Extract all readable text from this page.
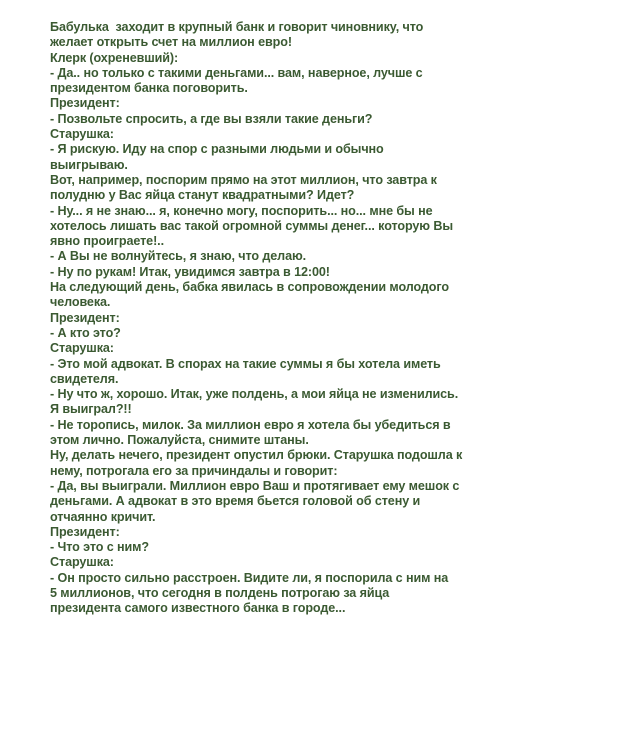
Бабулька  заходит в крупный банк и говорит чиновнику, что
желает открыть счет на миллион евро!
Клерк (охреневший):
- Да.. но только с такими деньгами... вам, наверное, лучше с
президентом банка поговорить.
Президент:
- Позвольте спросить, а где вы взяли такие деньги?
Старушка:
- Я рискую. Иду на спор с разными людьми и обычно
выигрываю.
Вот, например, поспорим прямо на этот миллион, что завтра к
полудню у Вас яйца станут квадратными? Идет?
- Ну... я не знаю... я, конечно могу, поспорить... но... мне бы не
хотелось лишать вас такой огромной суммы денег... которую Вы
явно проиграете!..
- А Вы не волнуйтесь, я знаю, что делаю.
- Ну по рукам! Итак, увидимся завтра в 12:00!
На следующий день, бабка явилась в сопровождении молодого
человека.
Президент:
- А кто это?
Старушка:
- Это мой адвокат. В спорах на такие суммы я бы хотела иметь
свидетеля.
- Ну что ж, хорошо. Итак, уже полдень, а мои яйца не изменились.
Я выиграл?!!
- Не торопись, милок. За миллион евро я хотела бы убедиться в
этом лично. Пожалуйста, снимите штаны.
Ну, делать нечего, президент опустил брюки. Старушка подошла к
нему, потрогала его за причиндалы и говорит:
- Да, вы выиграли. Миллион евро Ваш и протягивает ему мешок с
деньгами. А адвокат в это время бьется головой об стену и
отчаянно кричит.
Президент:
- Что это с ним?
Старушка:
- Он просто сильно расстроен. Видите ли, я поспорила с ним на
5 миллионов, что сегодня в полдень потрогаю за яйца
президента самого известного банка в городе...
